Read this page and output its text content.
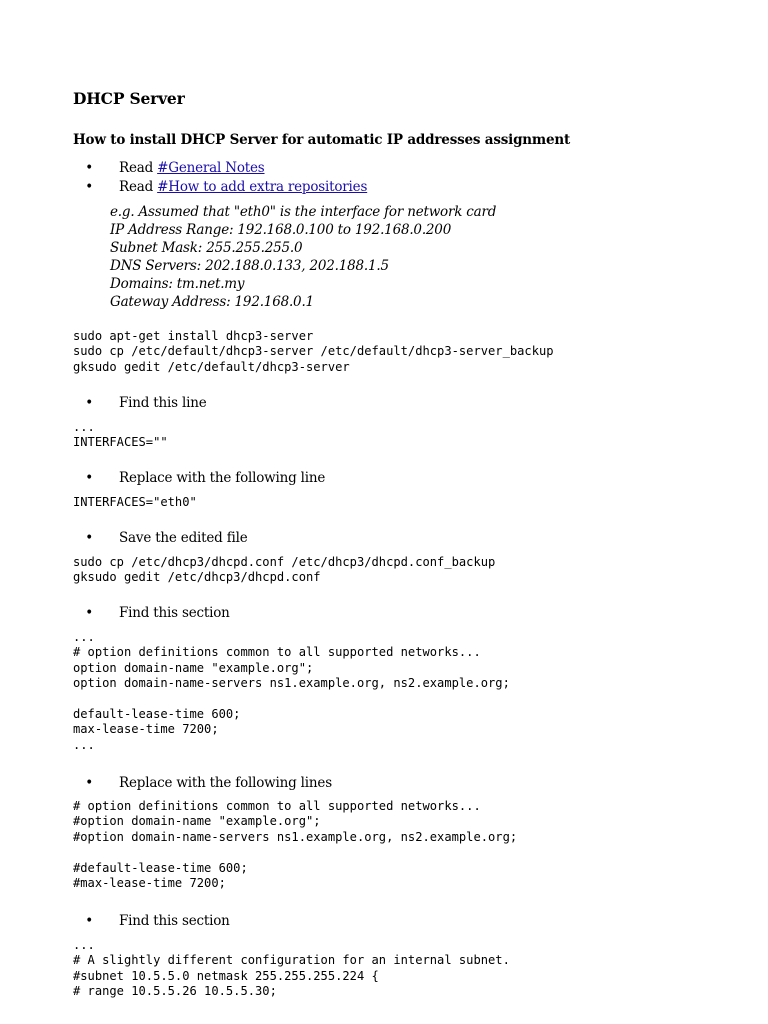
DHCP Server
How to install DHCP Server for automatic IP addresses assignment
• Read #General Notes
• Read #How to add extra repositories
e.g. Assumed that "eth0" is the interface for network card
IP Address Range: 192.168.0.100 to 192.168.0.200
Subnet Mask: 255.255.255.0
DNS Servers: 202.188.0.133, 202.188.1.5
Domains: tm.net.my
Gateway Address: 192.168.0.1
sudo apt-get install dhcp3-server
sudo cp /etc/default/dhcp3-server /etc/default/dhcp3-server_backup
gksudo gedit /etc/default/dhcp3-server
• Find this line
...
INTERFACES=""
• Replace with the following line
INTERFACES="eth0"
• Save the edited file
sudo cp /etc/dhcp3/dhcpd.conf /etc/dhcp3/dhcpd.conf_backup
gksudo gedit /etc/dhcp3/dhcpd.conf
• Find this section
...
# option definitions common to all supported networks...
option domain-name "example.org";
option domain-name-servers ns1.example.org, ns2.example.org;
default-lease-time 600;
max-lease-time 7200;
...
• Replace with the following lines
# option definitions common to all supported networks...
#option domain-name "example.org";
#option domain-name-servers ns1.example.org, ns2.example.org;
#default-lease-time 600;
#max-lease-time 7200;
• Find this section
...
# A slightly different configuration for an internal subnet.
#subnet 10.5.5.0 netmask 255.255.255.224 {
# range 10.5.5.26 10.5.5.30;
